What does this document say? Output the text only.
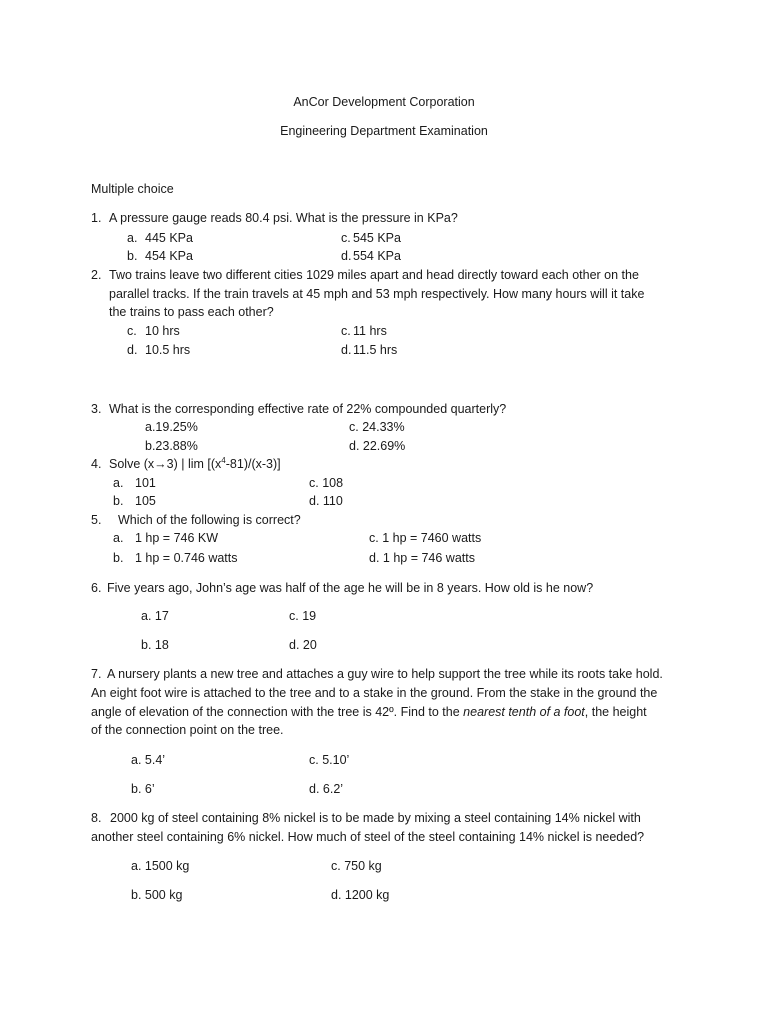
AnCor Development Corporation
Engineering Department Examination
Multiple choice
1. A pressure gauge reads 80.4 psi. What is the pressure in KPa?
a. 445 KPa	c. 545 KPa
b. 454 KPa	d. 554 KPa
2. Two trains leave two different cities 1029 miles apart and head directly toward each other on the
parallel tracks. If the train travels at 45 mph and 53 mph respectively. How many hours will it take
the trains to pass each other?
c. 10 hrs	c. 11 hrs
d. 10.5 hrs	d. 11.5 hrs
3. What is the corresponding effective rate of 22% compounded quarterly?
a.19.25%	c. 24.33%
b.23.88%	d. 22.69%
4. Solve (x→3) | $\lim [(x^4-81)/(x-3)]$
a. 101	c. 108
b. 105	d. 110
5. Which of the following is correct?
a. 1 hp = 746 KW	c. 1 hp = 7460 watts
b. 1 hp = 0.746 watts	d. 1 hp = 746 watts
6. Five years ago, John’s age was half of the age he will be in 8 years. How old is he now?
a. 17	c. 19
b. 18	d. 20
7. A nursery plants a new tree and attaches a guy wire to help support the tree while its roots take hold.
An eight foot wire is attached to the tree and to a stake in the ground. From the stake in the ground the
angle of elevation of the connection with the tree is 42º. Find to the nearest tenth of a foot, the height
of the connection point on the tree.
a. 5.4’	c. 5.10’
b. 6’	d. 6.2’
8. 2000 kg of steel containing 8% nickel is to be made by mixing a steel containing 14% nickel with
another steel containing 6% nickel. How much of steel of the steel containing 14% nickel is needed?
a. 1500 kg	c. 750 kg
b. 500 kg	d. 1200 kg
